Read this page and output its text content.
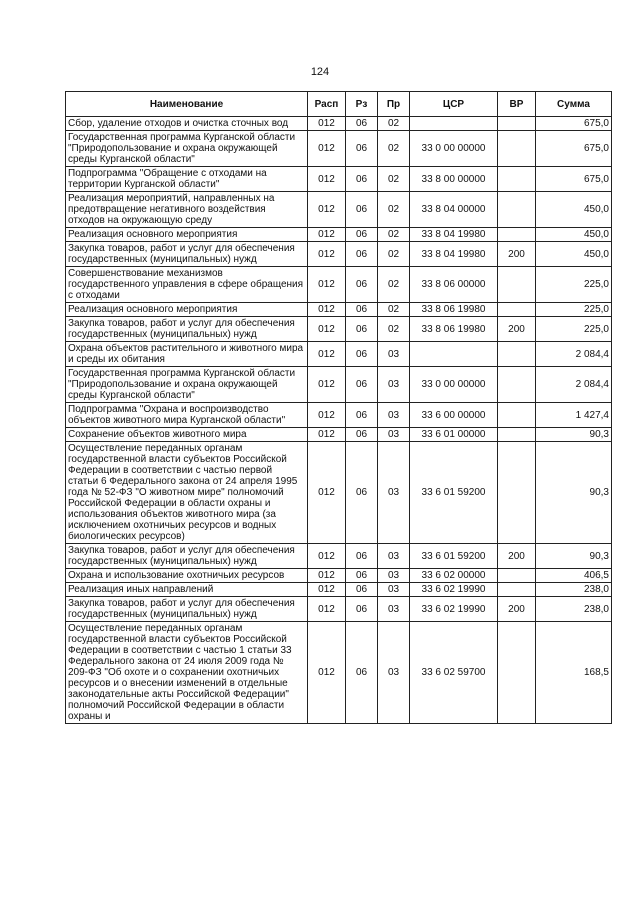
124
Наименование	Расп	Рз	Пр	ЦСР	ВР	Сумма
Сбор, удаление отходов и очистка сточных вод	012	06	02			675,0
Государственная программа Курганской области "Природопользование и охрана окружающей среды Курганской области"	012	06	02	33 0 00 00000		675,0
Подпрограмма "Обращение с отходами на территории Курганской области"	012	06	02	33 8 00 00000		675,0
Реализация мероприятий, направленных на предотвращение негативного воздействия отходов на окружающую среду	012	06	02	33 8 04 00000		450,0
Реализация основного мероприятия	012	06	02	33 8 04 19980		450,0
Закупка товаров, работ и услуг для обеспечения государственных (муниципальных) нужд	012	06	02	33 8 04 19980	200	450,0
Совершенствование механизмов государственного управления в сфере обращения с отходами	012	06	02	33 8 06 00000		225,0
Реализация основного мероприятия	012	06	02	33 8 06 19980		225,0
Закупка товаров, работ и услуг для обеспечения государственных (муниципальных) нужд	012	06	02	33 8 06 19980	200	225,0
Охрана объектов растительного и животного мира и среды их обитания	012	06	03			2 084,4
Государственная программа Курганской области "Природопользование и охрана окружающей среды Курганской области"	012	06	03	33 0 00 00000		2 084,4
Подпрограмма "Охрана и воспроизводство объектов животного мира Курганской области"	012	06	03	33 6 00 00000		1 427,4
Сохранение объектов животного мира	012	06	03	33 6 01 00000		90,3
Осуществление переданных органам государственной власти субъектов Российской Федерации в соответствии с частью первой статьи 6 Федерального закона от 24 апреля 1995 года № 52-ФЗ "О животном мире" полномочий Российской Федерации в области охраны и использования объектов животного мира (за исключением охотничьих ресурсов и водных биологических ресурсов)	012	06	03	33 6 01 59200		90,3
Закупка товаров, работ и услуг для обеспечения государственных (муниципальных) нужд	012	06	03	33 6 01 59200	200	90,3
Охрана и использование охотничьих ресурсов	012	06	03	33 6 02 00000		406,5
Реализация иных направлений	012	06	03	33 6 02 19990		238,0
Закупка товаров, работ и услуг для обеспечения государственных (муниципальных) нужд	012	06	03	33 6 02 19990	200	238,0
Осуществление переданных органам государственной власти субъектов Российской Федерации в соответствии с частью 1 статьи 33 Федерального закона от 24 июля 2009 года № 209-ФЗ "Об охоте и о сохранении охотничьих ресурсов и о внесении изменений в отдельные законодательные акты Российской Федерации" полномочий Российской Федерации в области охраны и	012	06	03	33 6 02 59700		168,5
